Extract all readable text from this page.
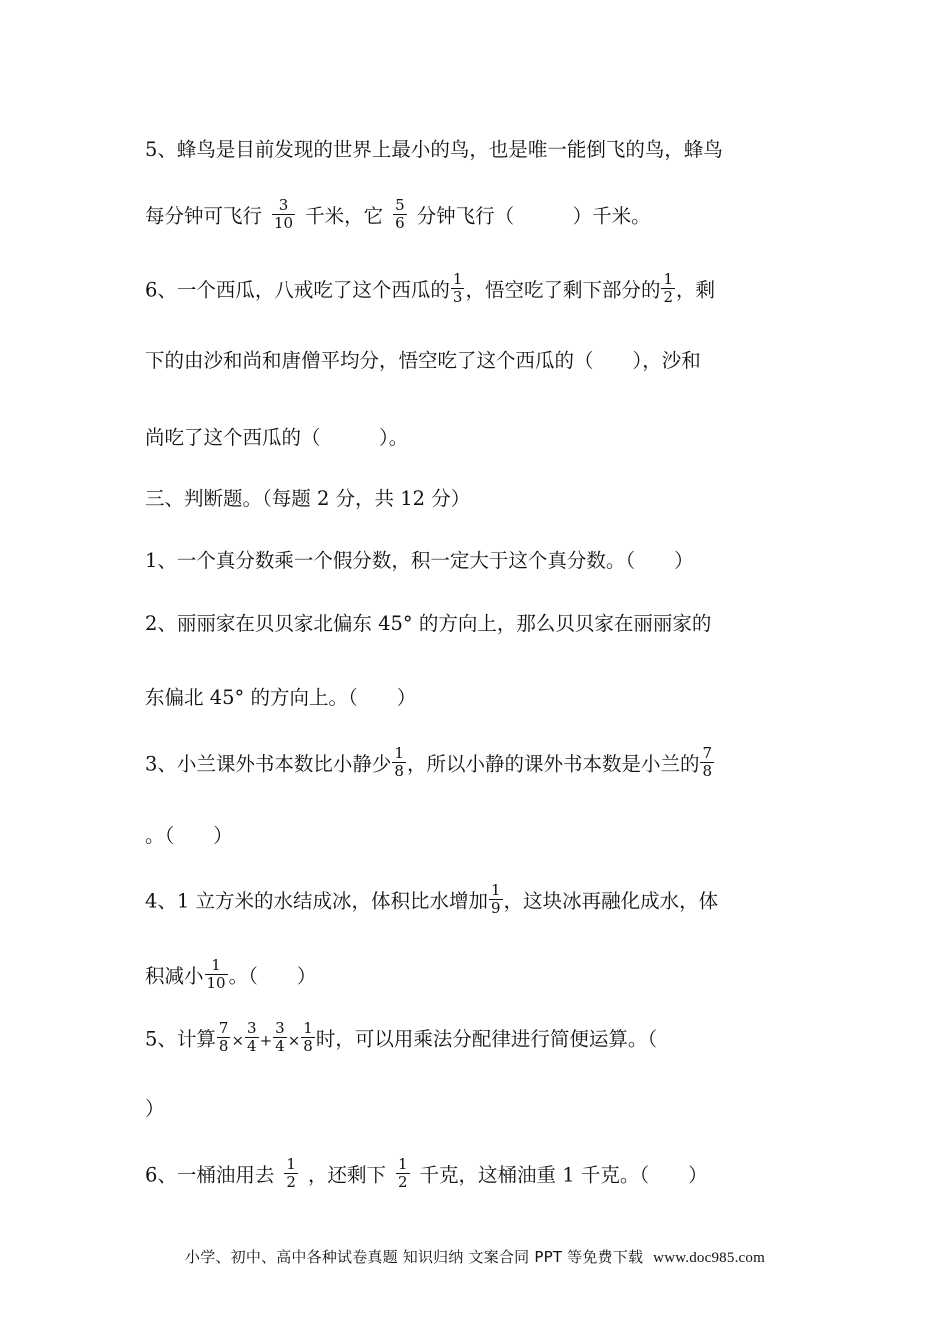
5、蜂鸟是目前发现的世界上最小的鸟，也是唯一能倒飞的鸟，蜂鸟
每分钟可飞行 $\frac{3}{10}$ 千米，它 $\frac{5}{6}$ 分钟飞行（　　　）千米。
6、一个西瓜，八戒吃了这个西瓜的 $\frac{1}{3}$ ，悟空吃了剩下部分的 $\frac{1}{2}$ ，剩
下的由沙和尚和唐僧平均分，悟空吃了这个西瓜的（　　），沙和
尚吃了这个西瓜的（　　　）。
三、判断题。（每题 2 分，共 12 分）
1、一个真分数乘一个假分数，积一定大于这个真分数。（　　）
2、丽丽家在贝贝家北偏东 45° 的方向上，那么贝贝家在丽丽家的
东偏北 45° 的方向上。（　　）
3、小兰课外书本数比小静少 $\frac{1}{8}$ ，所以小静的课外书本数是小兰的 $\frac{7}{8}$
。（　　）
4、1 立方米的水结成冰，体积比水增加 $\frac{1}{9}$ ，这块冰再融化成水，体
积减小 $\frac{1}{10}$ 。（　　）
5、计算 $\frac{7}{8} \times \frac{3}{4} + \frac{3}{4} \times \frac{1}{8}$ 时，可以用乘法分配律进行简便运算。（
）
6、一桶油用去 $\frac{1}{2}$ ，还剩下 $\frac{1}{2}$ 千克，这桶油重 1 千克。（　　）
小学、初中、高中各种试卷真题 知识归纳 文案合同 PPT 等免费下载 www.doc985.com
